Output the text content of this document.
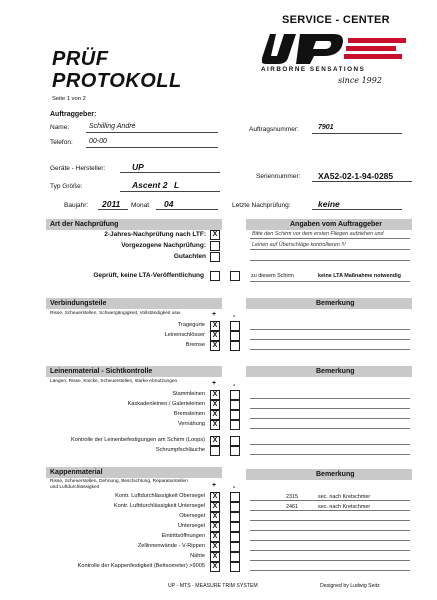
SERVICE - CENTER
PRÜF
PROTOKOLL
Seite 1 von 2
AIRBORNE SENSATIONS
since 1992
Auftraggeber:
Name:	Schilling André
Telefon: 00-00
Auftragsnummer:	7901
Geräte - Hersteller:	UP
Seriennummer: XA52-02-1-94-0285
Typ Größe:	Ascent 2 L
Baujahr: 2011 Monat 04	Letzte Nachprüfung:	keine
Art der Nachprüfung	Angaben vom Auftraggeber
2-Jahres-Nachprüfung nach LTF: X
Vorgezogene Nachprüfung:
Gutachten
Bitte den Schirm vor dem ersten Fliegen aufziehen und
Leinen auf Überschläge kontrollieren !!!
Geprüft, keine LTA-Veröffentlichung	zu diesem Schirm	keine LTA Maßnahme notwendig
Verbindungsteile	Bemerkung
Risse, Scheuerstellen, Schwergängigkeit, Vollständigkeit usw.	+ -
Tragegurte	X
Leinenschlösser	X
Bremse	X
Leinenmaterial - Sichtkontrolle	Bemerkung
Längen, Risse, Knicke, Scheuerstellen, starke Abnutzungen	+ -
Stammleinen	X
Kaskadenleinen / Galerieleinen	X
Bremsleinen	X
Vernähung	X
Kontrolle der Leinenbefestigungen am Schirm (Loops)	X
Schrumpfschläuche
Kappenmaterial	Bemerkung
Risse, Scheuerstellen, Dehnung, Beschichtung, Reparaturstellen
und Luftdurchlässigkeit	+ -
Kontr. Luftdurchlässigkeit Obersegel	X	2315	sec. nach Kretschmer
Kontr. Luftdurchlässigkeit Untersegel	X	2461	sec. nach Kretschmer
Obersegel	X
Untersegel	X
Eintrittsöffnungen	X
Zellinnenwände - V-Rippen	X
Nähte	X
Kontrolle der Kappenfestigkeit (Bettsometer) >9005	X
UP - MTS - MEASURE TRIM SYSTEM	Designed by Ludwig Seitz
